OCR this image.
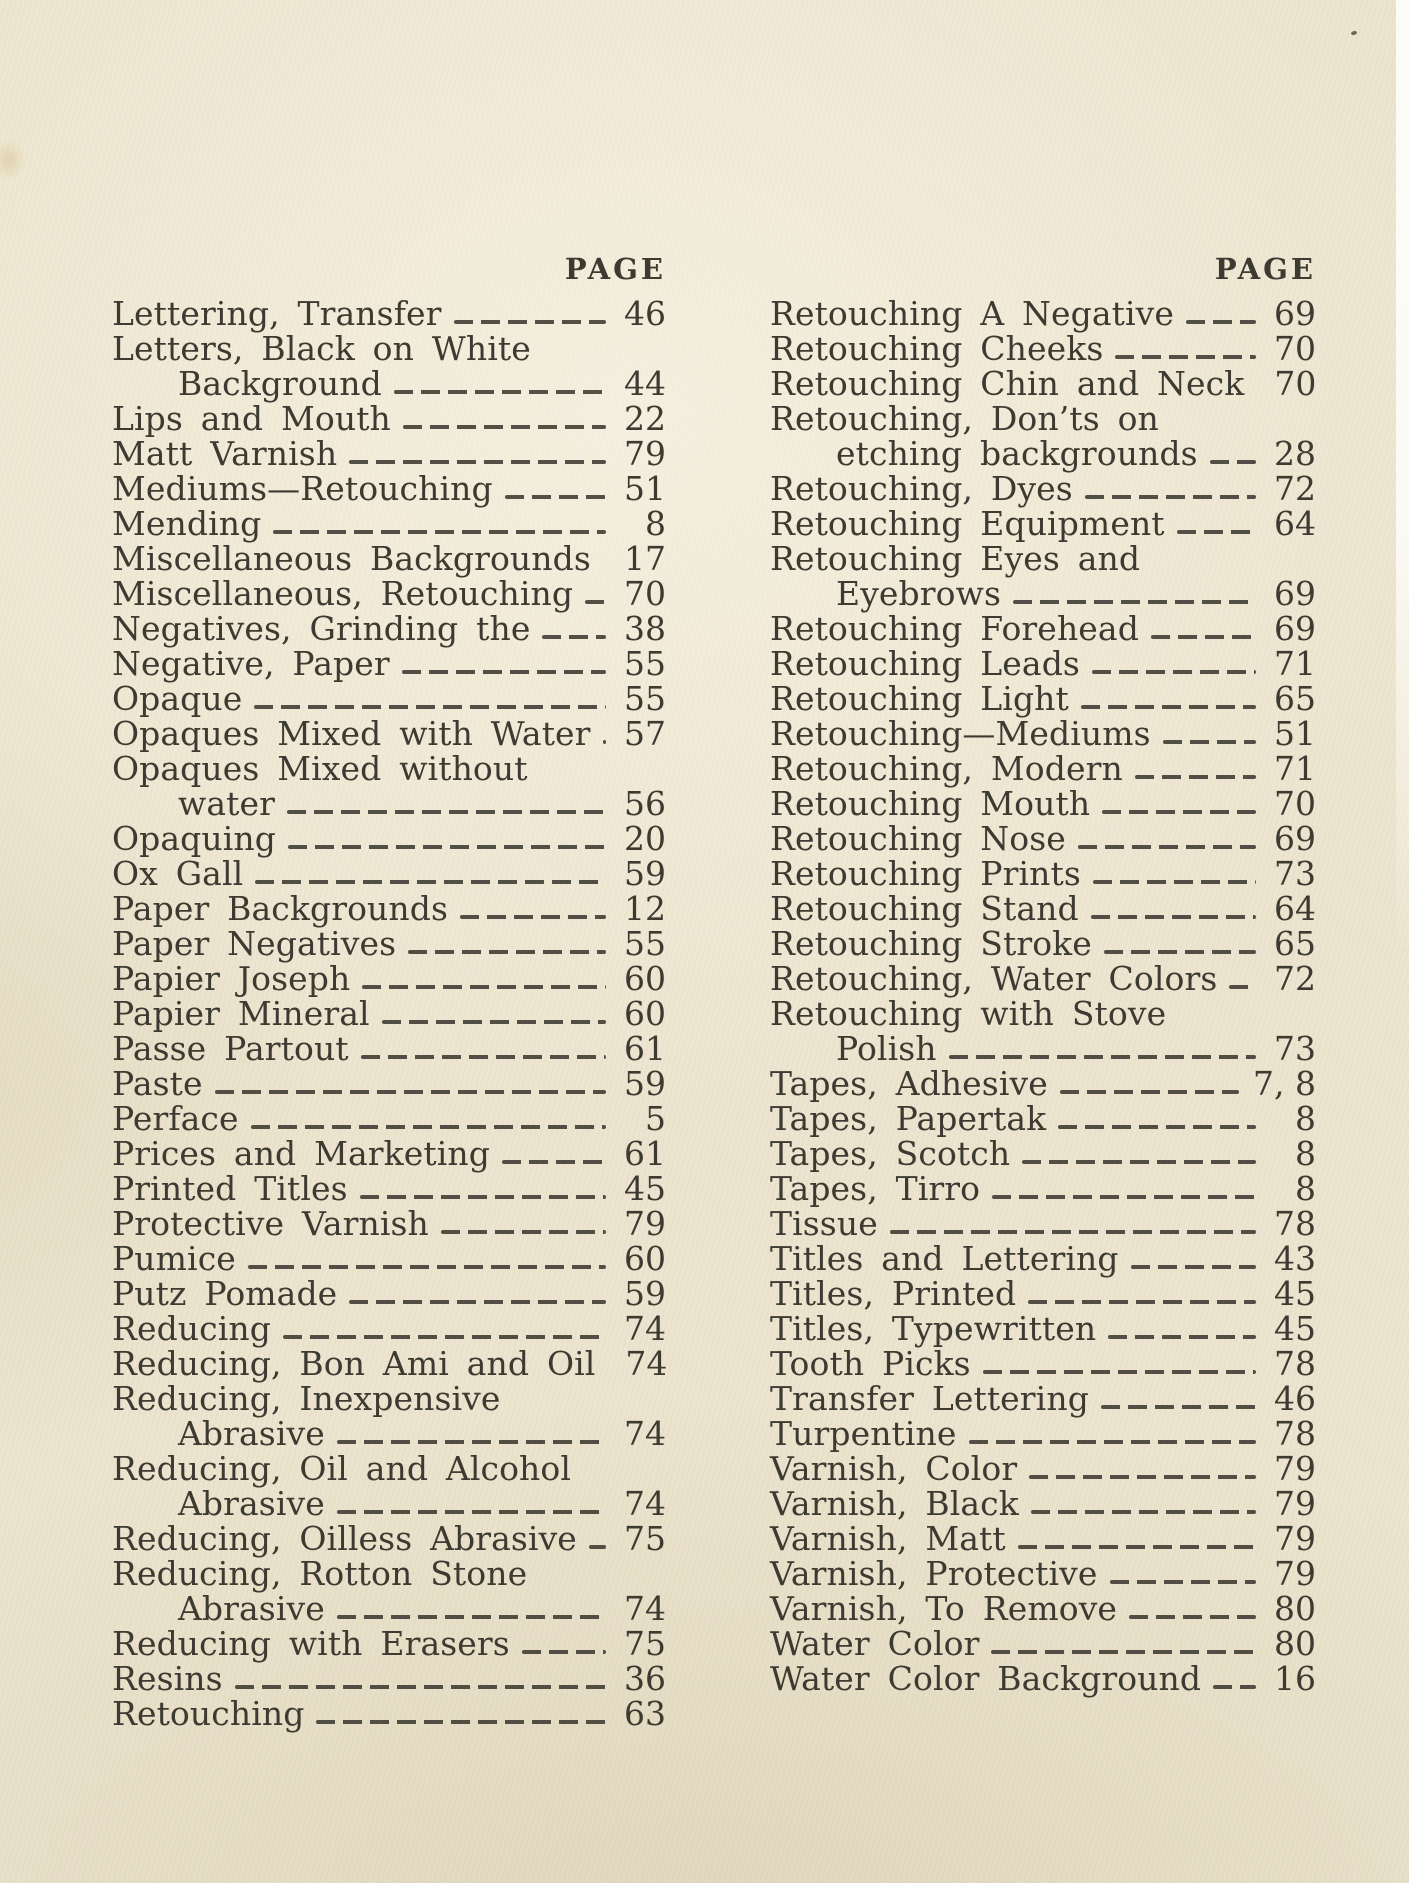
PAGE
Lettering, Transfer	46
Letters, Black on White
Background	44
Lips and Mouth	22
Matt Varnish	79
Mediums—Retouching	51
Mending	8
Miscellaneous Backgrounds 17
Miscellaneous, Retouching 70
Negatives, Grinding the	38
Negative, Paper	55
Opaque	55
Opaques Mixed with Water 57
Opaques Mixed without
water	56
Opaquing	20
Ox Gall	59
Paper Backgrounds	12
Paper Negatives	55
Papier Joseph	60
Papier Mineral	60
Passe Partout	61
Paste	59
Perface	5
Prices and Marketing	61
Printed Titles	45
Protective Varnish	79
Pumice	60
Putz Pomade	59
Reducing	74
Reducing, Bon Ami and Oil 74
Reducing, Inexpensive
Abrasive	74
Reducing, Oil and Alcohol
Abrasive	74
Reducing, Oilless Abrasive 75
Reducing, Rotton Stone
Abrasive	74
Reducing with Erasers	75
Resins	36
Retouching	63
PAGE
Retouching A Negative	69
Retouching Cheeks	70
Retouching Chin and Neck 70
Retouching, Don’ts on
etching backgrounds 28
Retouching, Dyes	72
Retouching Equipment	64
Retouching Eyes and
Eyebrows	69
Retouching Forehead	69
Retouching Leads	71
Retouching Light	65
Retouching—Mediums	51
Retouching, Modern	71
Retouching Mouth	70
Retouching Nose	69
Retouching Prints	73
Retouching Stand	64
Retouching Stroke	65
Retouching, Water Colors 72
Retouching with Stove
Polish	73
Tapes, Adhesive	7, 8
Tapes, Papertak	8
Tapes, Scotch	8
Tapes, Tirro	8
Tissue	78
Titles and Lettering	43
Titles, Printed	45
Titles, Typewritten	45
Tooth Picks	78
Transfer Lettering	46
Turpentine	78
Varnish, Color	79
Varnish, Black	79
Varnish, Matt	79
Varnish, Protective	79
Varnish, To Remove	80
Water Color	80
Water Color Background 16
